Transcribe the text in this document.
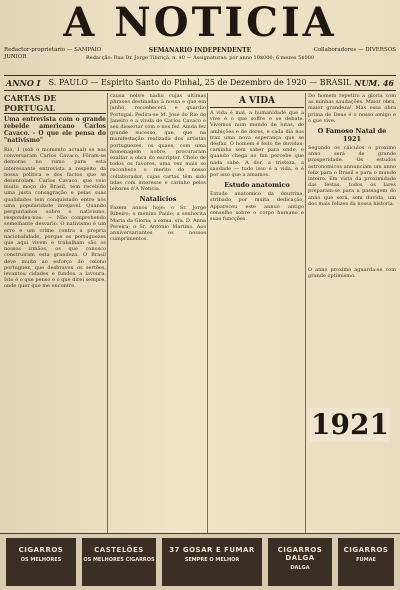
A NOTICIA
Redactor-proprietario — SAMPAIO JUNIOR
SEMANARIO INDEPENDENTE	Collaboradores — DIVERSOS
Redacção: Rua Dr. Jorge Tibiriçá, n. 40 — Assignaturas: por anno 10$000; 6 mezes 5$000
ANNO I	S. PAULO — Espirito Santo do Pinhal, 25 de Dezembro de 1920 — BRASIL NUM. 46
CARTAS DE PORTUGAL
Uma entrevista com o grande rebelde americano Carlos Cavaco. - O que ele pensa do "nativismo"
Rio, 1 (sob o momento actual) se nos conversaram Carlos Cavaco. Fôram-se demoras no rumo para esta interessante entrevista a respeito da nossa politica e dos factos que se desenrolam. Carlos Cavaco, que veio muito moço do Brasil, tem recebido uma justa consagração e pelas suas qualidades tem conquistado entre nós uma popularidade invejavel. Quando perguntamos sobre o nativismo, respondeu-nos: — Não comprehendo semelhante desvario. O nativismo é um erro e um crime contra a propria nacionalidade, porque os portuguezes que aqui vivem e trabalham são os nossos irmãos, os que conosco construiram esta grandeza. O Brasil deve muito ao esforço do colono portuguez, que desbravou os sertões, levantou cidades e fundou a lavoura. Isto é o que penso e o que direi sempre, onde quer que me encontre.
causa nobre nadiu cujas ultimas phrases destinadas á nossa e que em junho, reconhecerá e quardio Portugal. Pedira-se M. José do Rio de Janeiro e a vinda de Carlos Cavaco e seu dissertar com o nos fez. Ainda fez grande sucesso, que, que na manifestação realizada dos artistas portuguezes, os quaes, com uma homenagem nobre, procuraram exaltar a obra do escriptor. Cheio de todos os favores, uma vez mais se reconhece o merito do nosso collaborador, cujas cartas têm sido lidas com interesse e carinho pelos leitores d'A Noticia.
Natalicios
Fazem annos hoje: o Sr. Jorge Ribeiro; o menino Paulo; a senhorita Maria da Gloria; a exma. sra. D. Anna Pereira; o Sr. Antonio Martins. Aos anniversariantes os nossos cumprimentos.
A VIDA
A vida é mal, a humanidade que a vive é o que soffre e se debate. Vivemos num mundo de lutas, de ambições e de dores, e cada dia nos traz uma nova esperança que se desfaz. O homem é feito de duvidas; caminha sem saber para onde, e quando chega ao fim percebe que nada sabe. A dor, a tristeza, a saudade — tudo isso é a vida, e é por isso que a amamos.
Estudo anatomico
Estudo anatomico da doutrina, stribado por muita dedicação, Appareceu este annuo antigo conselho sobre o corpo humano e suas funcções.
Do homem repetiro a gloria com as minhas saudações. Maior obra, maior grandeza! Mas essa obra prima de Deus é o nosso amigo e o que vive.
O Famoso Natal de 1921
Segundo os cálculos o proximo anno será de grande prosperidade. Os estudos astronomicos annunciam um anno feliz para o Brasil e para o mundo inteiro. Em vista da proximidade das festas, todos os lares preparam-se para a passagem do anno que será, sem duvida, um dos mais felizes da nossa historia.
O anno proximo aguarda-se com grande optimismo.
1921
CIGARROS
OS MELHORES
CASTELÕES
OS MELHORES CIGARROS
37 GOSAR E FUMAR
SEMPRE O MELHOR
CIGARROS DALGA
DALGA
CIGARROS
FUMAE
